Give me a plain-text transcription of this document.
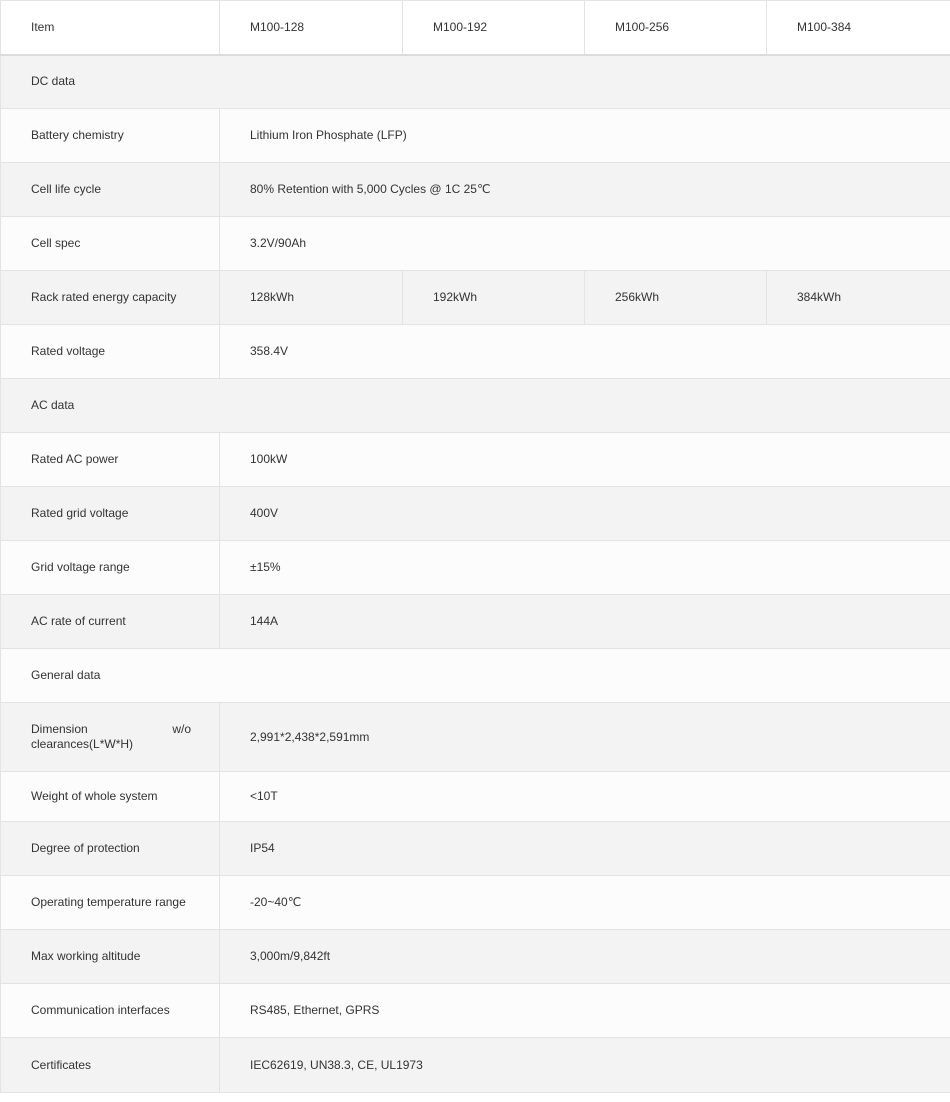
Item	M100-128	M100-192	M100-256	M100-384
DC data				
Battery chemistry	Lithium Iron Phosphate (LFP)			
Cell life cycle	80% Retention with 5,000 Cycles @ 1C 25℃			
Cell spec	3.2V/90Ah			
Rack rated energy capacity	128kWh	192kWh	256kWh	384kWh
Rated voltage	358.4V			
AC data				
Rated AC power	100kW			
Rated grid voltage	400V			
Grid voltage range	±15%			
AC rate of current	144A			
General data				
Dimension w/o clearances(L*W*H)	2,991*2,438*2,591mm			
Weight of whole system	<10T			
Degree of protection	IP54			
Operating temperature range	-20~40℃			
Max working altitude	3,000m/9,842ft			
Communication interfaces	RS485, Ethernet, GPRS			
Certificates	IEC62619, UN38.3, CE, UL1973			
